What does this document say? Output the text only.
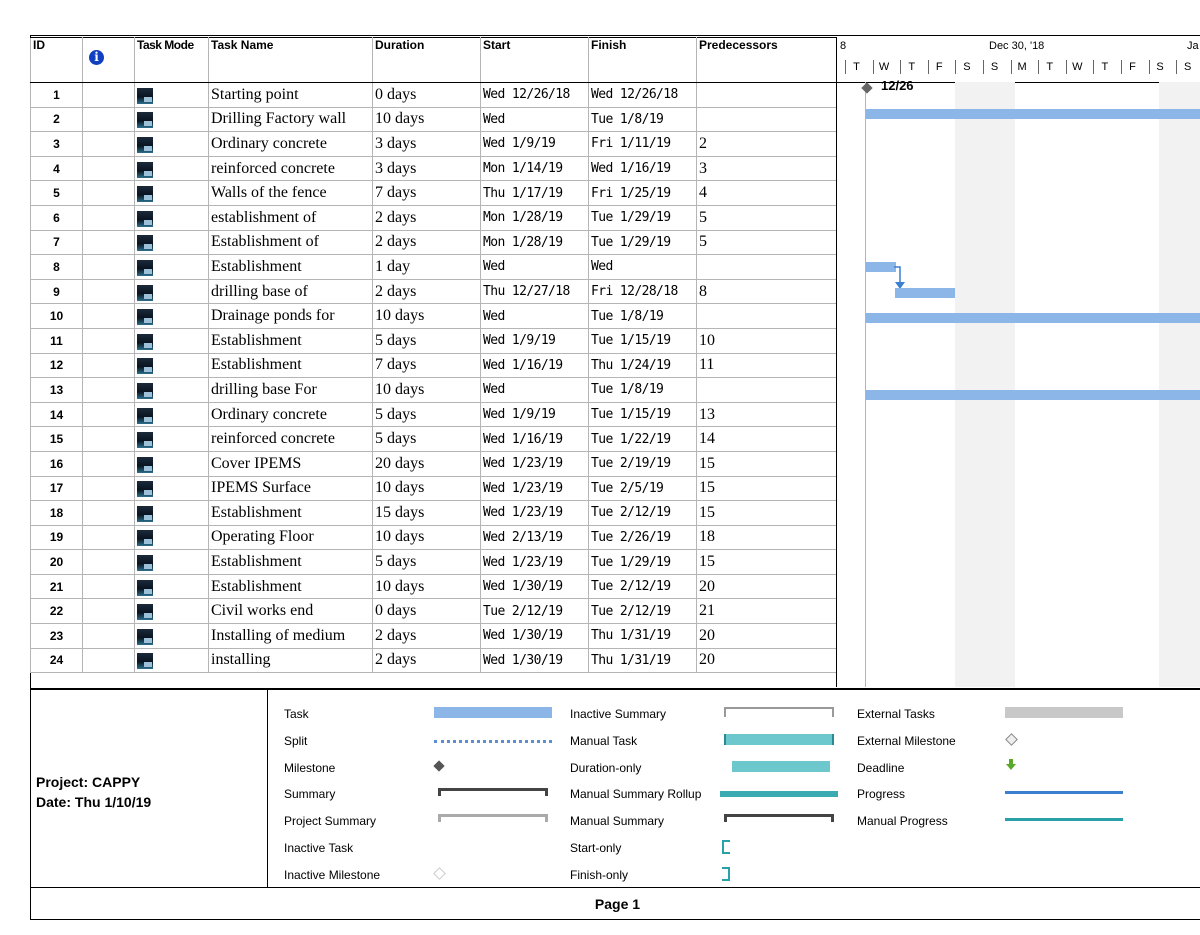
ID	i	Task Mode	Task Name	Duration	Start	Finish	Predecessors
1			Starting point	0 days	Wed 12/26/18	Wed 12/26/18	
2			Drilling Factory wall	10 days	Wed	Tue 1/8/19	
3			Ordinary concrete	3 days	Wed 1/9/19	Fri 1/11/19	2
4			reinforced concrete	3 days	Mon 1/14/19	Wed 1/16/19	3
5			Walls of the fence	7 days	Thu 1/17/19	Fri 1/25/19	4
6			establishment of	2 days	Mon 1/28/19	Tue 1/29/19	5
7			Establishment of	2 days	Mon 1/28/19	Tue 1/29/19	5
8			Establishment	1 day	Wed	Wed	
9			drilling base of	2 days	Thu 12/27/18	Fri 12/28/18	8
10			Drainage ponds for	10 days	Wed	Tue 1/8/19	
11			Establishment	5 days	Wed 1/9/19	Tue 1/15/19	10
12			Establishment	7 days	Wed 1/16/19	Thu 1/24/19	11
13			drilling base For	10 days	Wed	Tue 1/8/19	
14			Ordinary concrete	5 days	Wed 1/9/19	Tue 1/15/19	13
15			reinforced concrete	5 days	Wed 1/16/19	Tue 1/22/19	14
16			Cover IPEMS	20 days	Wed 1/23/19	Tue 2/19/19	15
17			IPEMS Surface	10 days	Wed 1/23/19	Tue 2/5/19	15
18			Establishment	15 days	Wed 1/23/19	Tue 2/12/19	15
19			Operating Floor	10 days	Wed 2/13/19	Tue 2/26/19	18
20			Establishment	5 days	Wed 1/23/19	Tue 1/29/19	15
21			Establishment	10 days	Wed 1/30/19	Tue 2/12/19	20
22			Civil works end	0 days	Tue 2/12/19	Tue 2/12/19	21
23			Installing of medium	2 days	Wed 1/30/19	Thu 1/31/19	20
24			installing	2 days	Wed 1/30/19	Thu 1/31/19	20
8	Dec 30, '18	Ja
T	W	T	F	S	S	M	T	W	T	F	S	S
12/26
Project: CAPPY
Date: Thu 1/10/19
Task
Split
Milestone
Summary
Project Summary
Inactive Task
Inactive Milestone
Inactive Summary
Manual Task
Duration-only
Manual Summary Rollup
Manual Summary
Start-only
Finish-only
External Tasks
External Milestone
Deadline
Progress
Manual Progress
Page 1
